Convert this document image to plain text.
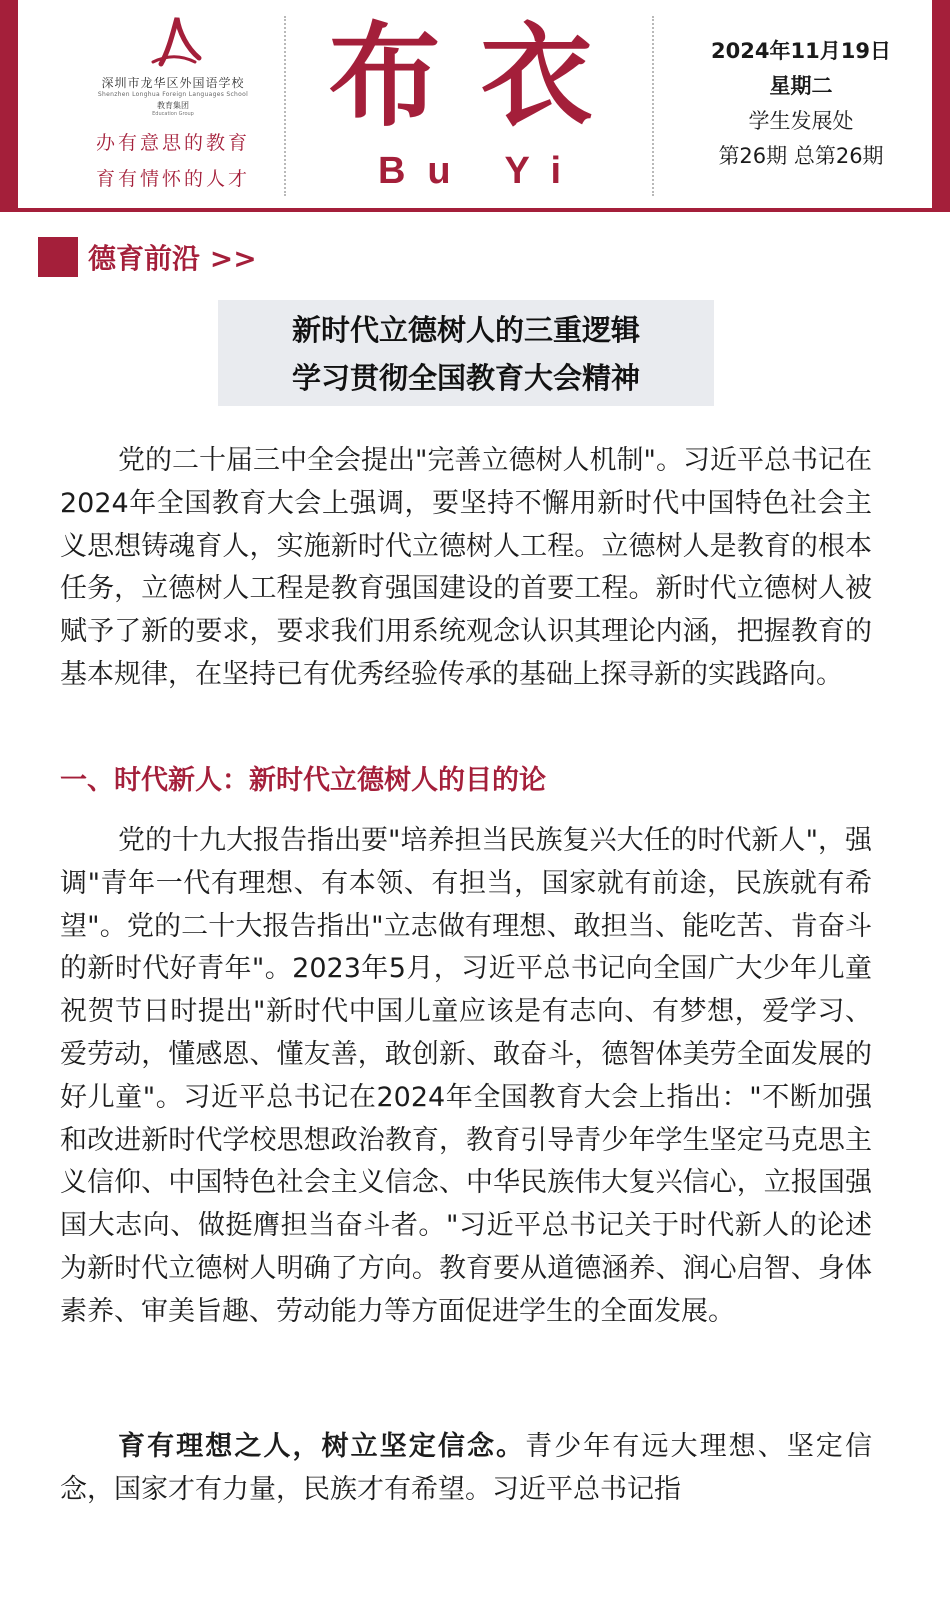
深圳市龙华区外国语学校
Shenzhen Longhua Foreign Languages School
教育集团
Education Group
办有意思的教育
育有情怀的人才
布衣
Bu Yi
2024年11月19日
星期二
学生发展处
第26期 总第26期
德育前沿 >>
新时代立德树人的三重逻辑
学习贯彻全国教育大会精神

党的二十届三中全会提出"完善立德树人机制"。习近平总书记在2024年全国教育大会上强调，要坚持不懈用新时代中国特色社会主义思想铸魂育人，实施新时代立德树人工程。立德树人是教育的根本任务，立德树人工程是教育强国建设的首要工程。新时代立德树人被赋予了新的要求，要求我们用系统观念认识其理论内涵，把握教育的基本规律，在坚持已有优秀经验传承的基础上探寻新的实践路向。

一、时代新人：新时代立德树人的目的论

党的十九大报告指出要"培养担当民族复兴大任的时代新人"，强调"青年一代有理想、有本领、有担当，国家就有前途，民族就有希望"。党的二十大报告指出"立志做有理想、敢担当、能吃苦、肯奋斗的新时代好青年"。2023年5月，习近平总书记向全国广大少年儿童祝贺节日时提出"新时代中国儿童应该是有志向、有梦想，爱学习、爱劳动，懂感恩、懂友善，敢创新、敢奋斗，德智体美劳全面发展的好儿童"。习近平总书记在2024年全国教育大会上指出："不断加强和改进新时代学校思想政治教育，教育引导青少年学生坚定马克思主义信仰、中国特色社会主义信念、中华民族伟大复兴信心，立报国强国大志向、做挺膺担当奋斗者。"习近平总书记关于时代新人的论述为新时代立德树人明确了方向。教育要从道德涵养、润心启智、身体素养、审美旨趣、劳动能力等方面促进学生的全面发展。

育有理想之人，树立坚定信念。青少年有远大理想、坚定信念，国家才有力量，民族才有希望。习近平总书记指
